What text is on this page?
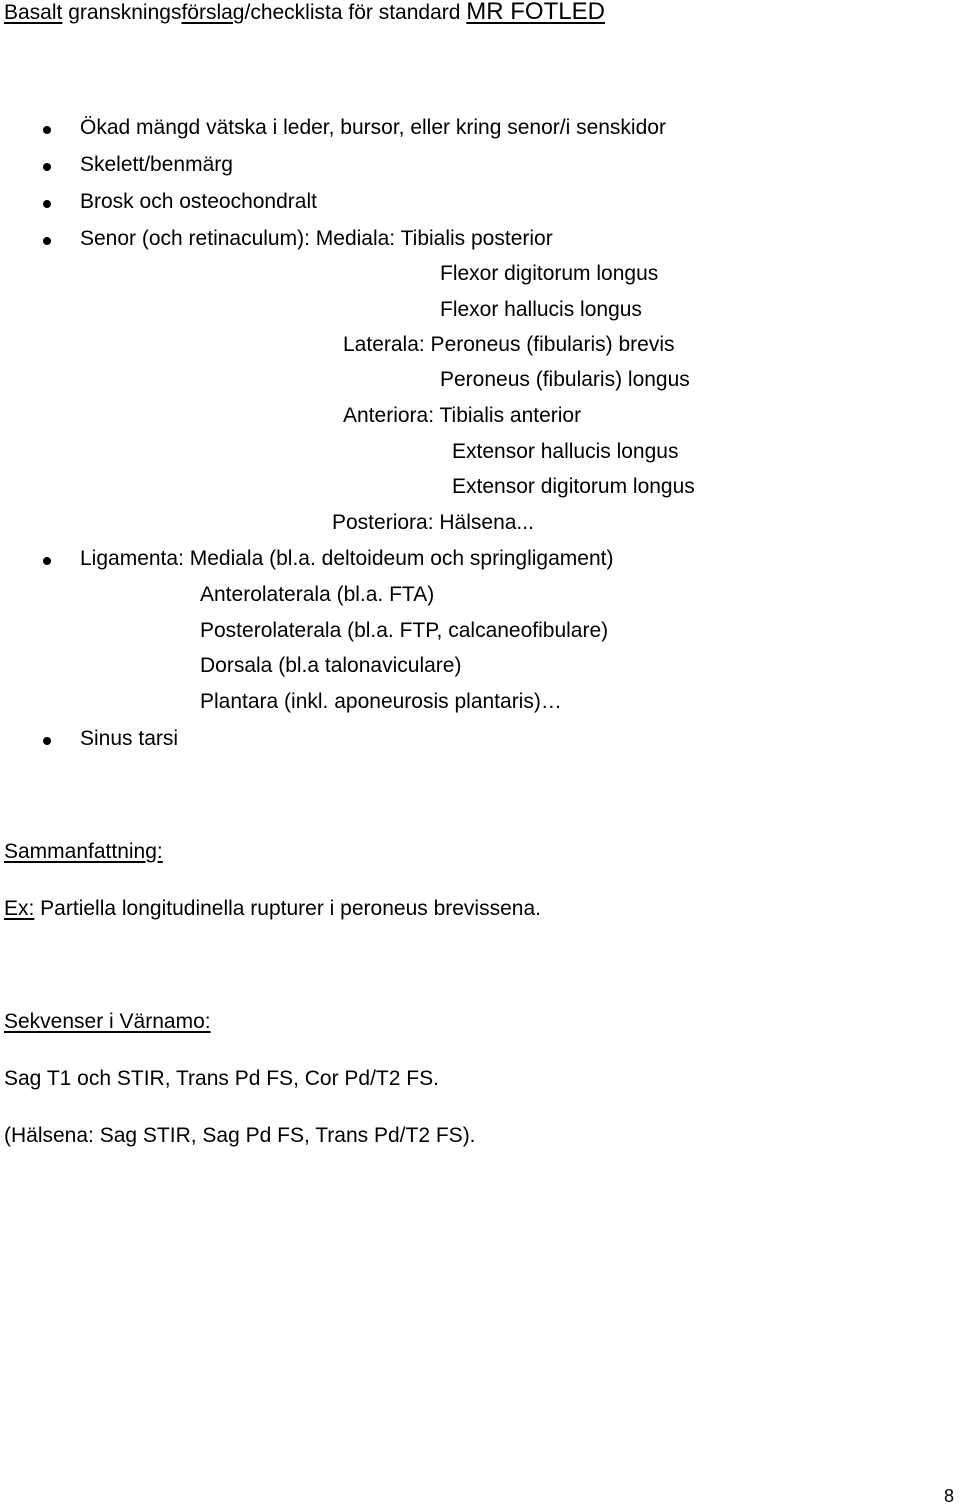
Basalt granskningsförslag/checklista för standard MR FOTLED
Ökad mängd vätska i leder, bursor, eller kring senor/i senskidor
Skelett/benmärg
Brosk och osteochondralt
Senor (och retinaculum): Mediala: Tibialis posterior
Flexor digitorum longus
Flexor hallucis longus
Laterala: Peroneus (fibularis) brevis
Peroneus (fibularis) longus
Anteriora: Tibialis anterior
Extensor hallucis longus
Extensor digitorum longus
Posteriora: Hälsena...
Ligamenta: Mediala (bl.a. deltoideum och springligament)
Anterolaterala (bl.a. FTA)
Posterolaterala (bl.a. FTP, calcaneofibulare)
Dorsala (bl.a talonaviculare)
Plantara (inkl. aponeurosis plantaris)…
Sinus tarsi
Sammanfattning:
Ex: Partiella longitudinella rupturer i peroneus brevissena.
Sekvenser i Värnamo:
Sag T1 och STIR, Trans Pd FS, Cor Pd/T2 FS.
(Hälsena: Sag STIR, Sag Pd FS, Trans Pd/T2 FS).
8
